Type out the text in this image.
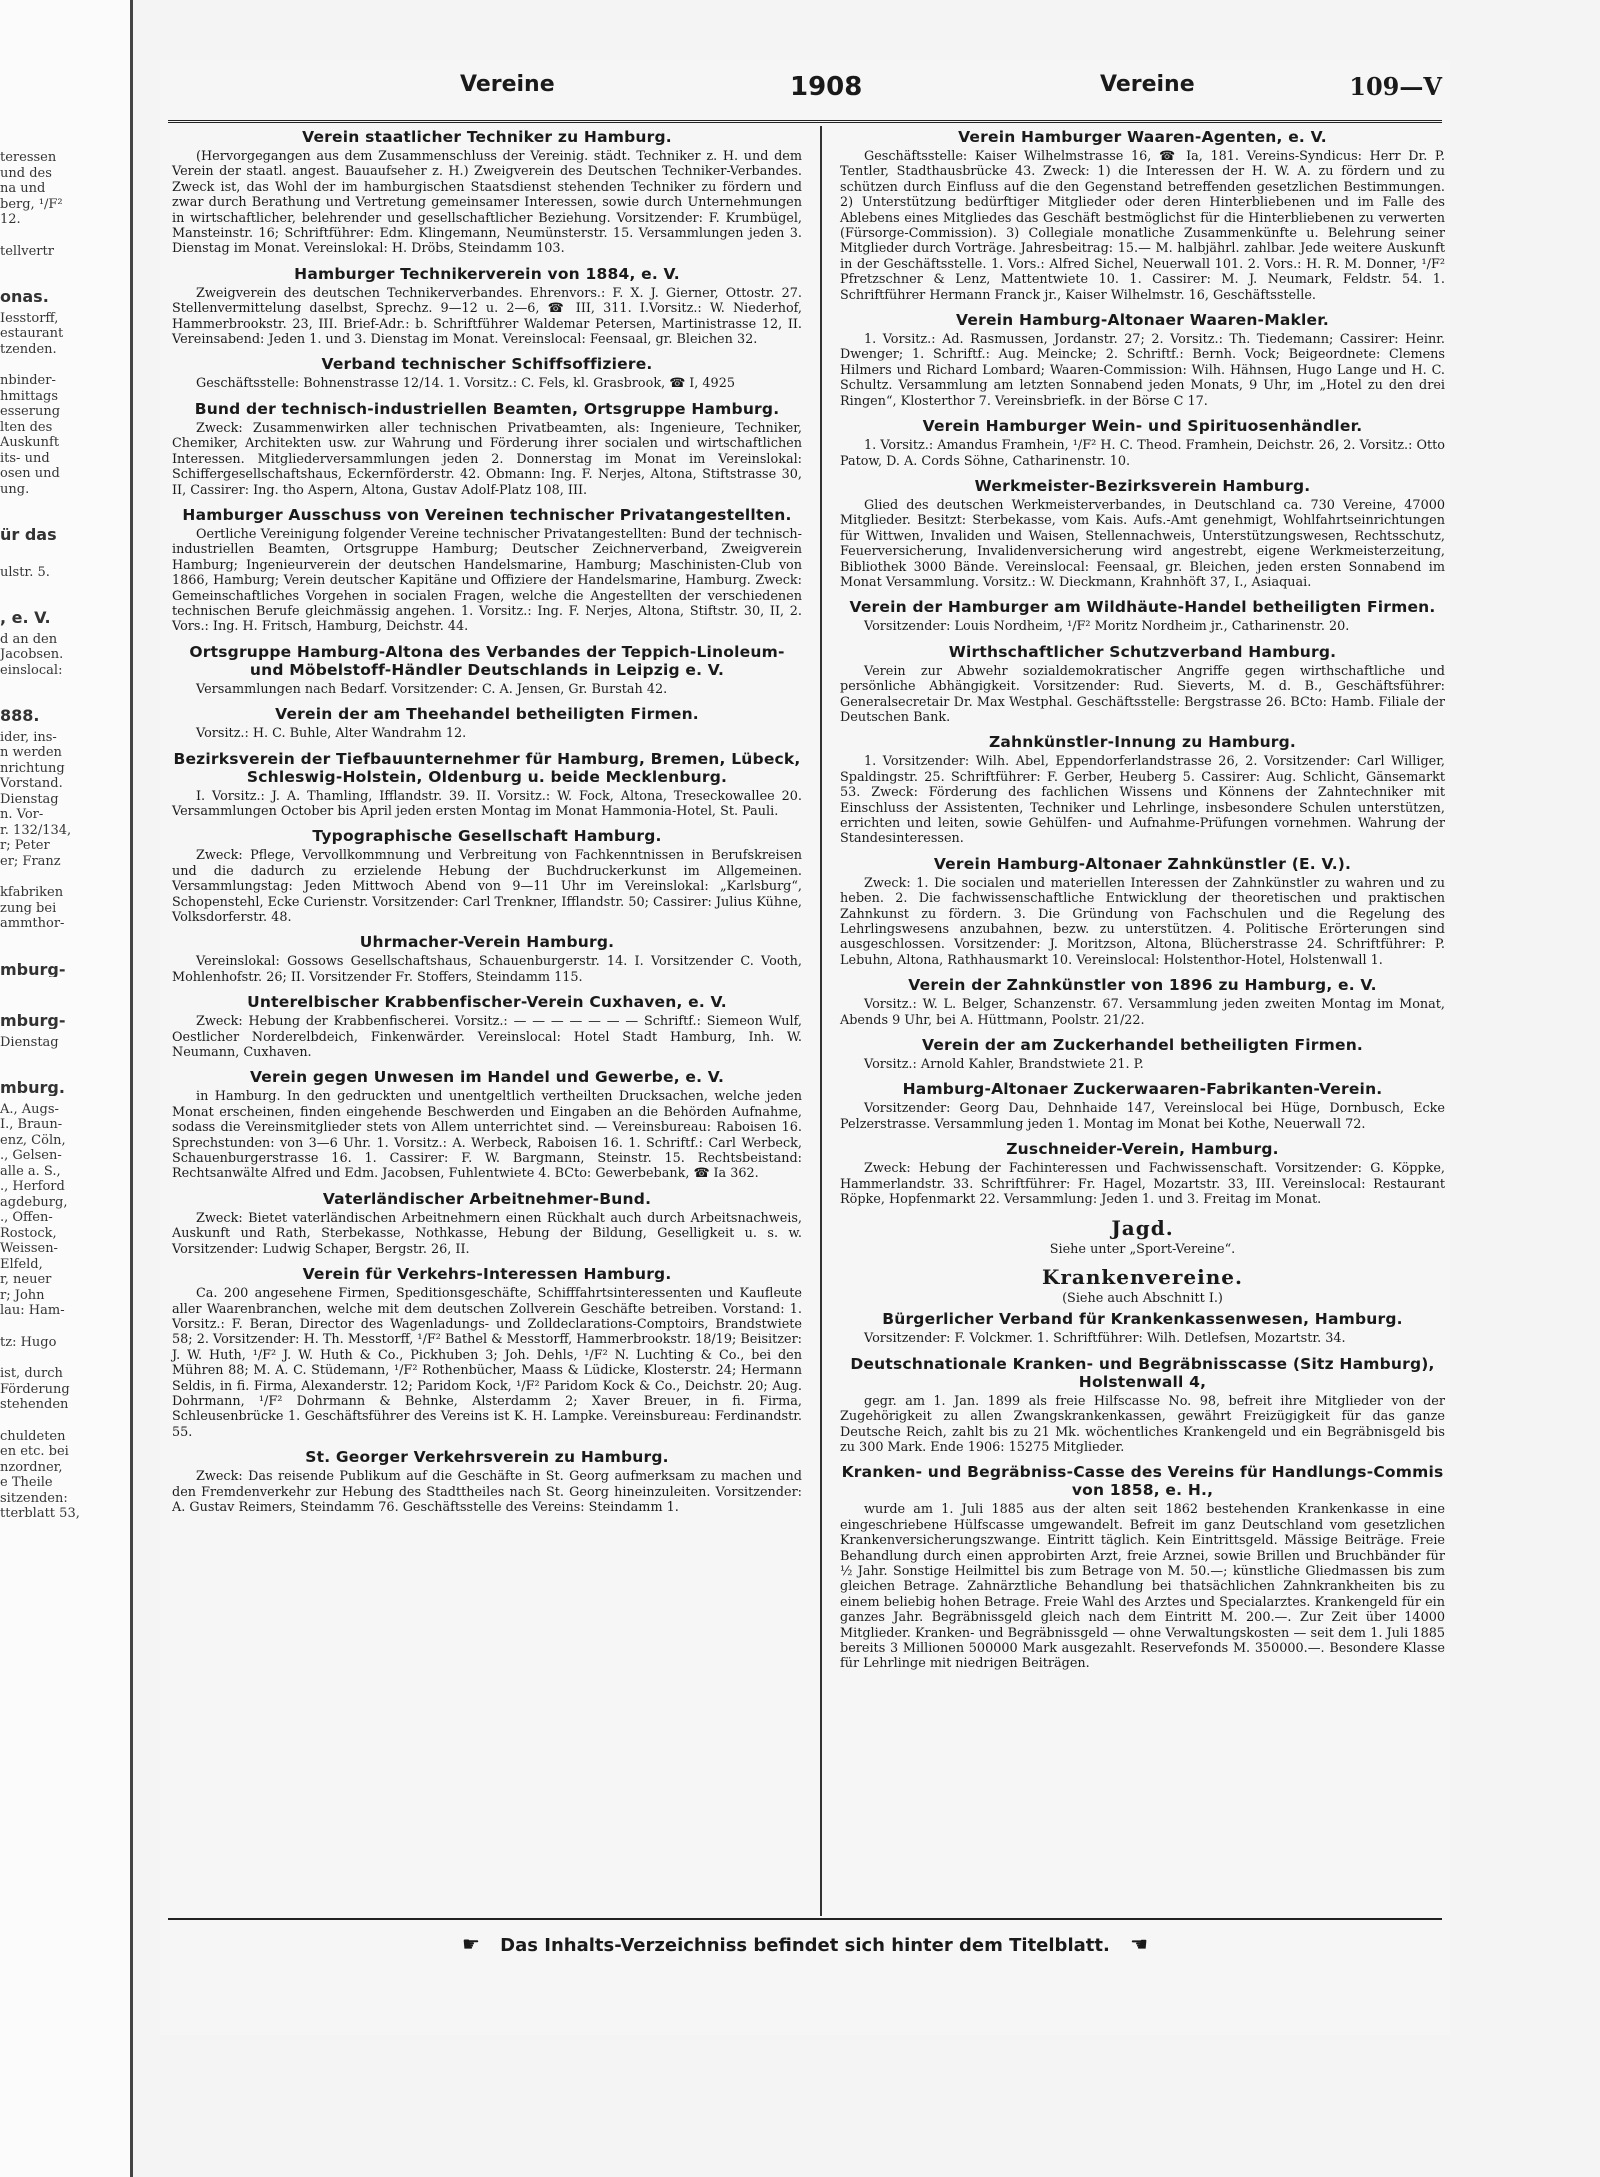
teressen
und des
na und
berg, ¹/F²
12.
tellvertr
onas.
Iesstorff,
estaurant
tzenden.
nbinder-
hmittags
esserung
lten des
Auskunft
its- und
osen und
ung.
ür das
ulstr. 5.
, e. V.
d an den
Jacobsen.
einslocal:
888.
ider, ins-
n werden
nrichtung
Vorstand.
Dienstag
n. Vor-
r. 132/134,
r; Peter
er; Franz
kfabriken
zung bei
ammthor-
mburg-
mburg-
Dienstag
mburg.
A., Augs-
I., Braun-
enz, Cöln,
., Gelsen-
alle a. S.,
., Herford
agdeburg,
., Offen-
Rostock,
Weissen-
Elfeld,
r, neuer
r; John
lau: Ham-
tz: Hugo
ist, durch
Förderung
stehenden
chuldeten
en etc. bei
nzordner,
e Theile
sitzenden:
tterblatt 53,
Vereine	1908	Vereine	109—V
Verein staatlicher Techniker zu Hamburg.

(Hervorgegangen aus dem Zusammenschluss der Vereinig. städt. Techniker z. H. und dem Verein der staatl. angest. Bauaufseher z. H.) Zweigverein des Deutschen Techniker-Verbandes. Zweck ist, das Wohl der im hamburgischen Staatsdienst stehenden Techniker zu fördern und zwar durch Berathung und Vertretung gemeinsamer Interessen, sowie durch Unternehmungen in wirtschaftlicher, belehrender und gesellschaftlicher Beziehung. Vorsitzender: F. Krumbügel, Mansteinstr. 16; Schriftführer: Edm. Klingemann, Neumünsterstr. 15. Versammlungen jeden 3. Dienstag im Monat. Vereinslokal: H. Dröbs, Steindamm 103.

Hamburger Technikerverein von 1884, e. V.

Zweigverein des deutschen Technikerverbandes. Ehrenvors.: F. X. J. Gierner, Ottostr. 27. Stellenvermittelung daselbst, Sprechz. 9—12 u. 2—6, ☎ III, 311. I.Vorsitz.: W. Niederhof, Hammerbrookstr. 23, III. Brief-Adr.: b. Schriftführer Waldemar Petersen, Martinistrasse 12, II. Vereinsabend: Jeden 1. und 3. Dienstag im Monat. Vereinslocal: Feensaal, gr. Bleichen 32.

Verband technischer Schiffsoffiziere.

Geschäftsstelle: Bohnenstrasse 12/14. 1. Vorsitz.: C. Fels, kl. Grasbrook, ☎ I, 4925

Bund der technisch-industriellen Beamten, Ortsgruppe Hamburg.

Zweck: Zusammenwirken aller technischen Privatbeamten, als: Ingenieure, Techniker, Chemiker, Architekten usw. zur Wahrung und Förderung ihrer socialen und wirtschaftlichen Interessen. Mitgliederversammlungen jeden 2. Donnerstag im Monat im Vereinslokal: Schiffergesellschaftshaus, Eckernförderstr. 42. Obmann: Ing. F. Nerjes, Altona, Stiftstrasse 30, II, Cassirer: Ing. tho Aspern, Altona, Gustav Adolf-Platz 108, III.

Hamburger Ausschuss von Vereinen technischer Privatangestellten.

Oertliche Vereinigung folgender Vereine technischer Privatangestellten: Bund der technisch-industriellen Beamten, Ortsgruppe Hamburg; Deutscher Zeichnerverband, Zweigverein Hamburg; Ingenieurverein der deutschen Handelsmarine, Hamburg; Maschinisten-Club von 1866, Hamburg; Verein deutscher Kapitäne und Offiziere der Handelsmarine, Hamburg. Zweck: Gemeinschaftliches Vorgehen in socialen Fragen, welche die Angestellten der verschiedenen technischen Berufe gleichmässig angehen. 1. Vorsitz.: Ing. F. Nerjes, Altona, Stiftstr. 30, II, 2. Vors.: Ing. H. Fritsch, Hamburg, Deichstr. 44.

Ortsgruppe Hamburg-Altona des Verbandes der Teppich-Linoleum- und Möbelstoff-Händler Deutschlands in Leipzig e. V.

Versammlungen nach Bedarf. Vorsitzender: C. A. Jensen, Gr. Burstah 42.

Verein der am Theehandel betheiligten Firmen.

Vorsitz.: H. C. Buhle, Alter Wandrahm 12.

Bezirksverein der Tiefbauunternehmer für Hamburg, Bremen, Lübeck, Schleswig-Holstein, Oldenburg u. beide Mecklenburg.

I. Vorsitz.: J. A. Thamling, Ifflandstr. 39. II. Vorsitz.: W. Fock, Altona, Treseckowallee 20. Versammlungen October bis April jeden ersten Montag im Monat Hammonia-Hotel, St. Pauli.

Typographische Gesellschaft Hamburg.

Zweck: Pflege, Vervollkommnung und Verbreitung von Fachkenntnissen in Berufskreisen und die dadurch zu erzielende Hebung der Buchdruckerkunst im Allgemeinen. Versammlungstag: Jeden Mittwoch Abend von 9—11 Uhr im Vereinslokal: „Karlsburg“, Schopenstehl, Ecke Curienstr. Vorsitzender: Carl Trenkner, Ifflandstr. 50; Cassirer: Julius Kühne, Volksdorferstr. 48.

Uhrmacher-Verein Hamburg.

Vereinslokal: Gossows Gesellschaftshaus, Schauenburgerstr. 14. I. Vorsitzender C. Vooth, Mohlenhofstr. 26; II. Vorsitzender Fr. Stoffers, Steindamm 115.

Unterelbischer Krabbenfischer-Verein Cuxhaven, e. V.

Zweck: Hebung der Krabbenfischerei. Vorsitz.: — — — — — — — Schriftf.: Siemeon Wulf, Oestlicher Norderelbdeich, Finkenwärder. Vereinslocal: Hotel Stadt Hamburg, Inh. W. Neumann, Cuxhaven.

Verein gegen Unwesen im Handel und Gewerbe, e. V.

in Hamburg. In den gedruckten und unentgeltlich vertheilten Drucksachen, welche jeden Monat erscheinen, finden eingehende Beschwerden und Eingaben an die Behörden Aufnahme, sodass die Vereinsmitglieder stets von Allem unterrichtet sind. — Vereinsbureau: Raboisen 16. Sprechstunden: von 3—6 Uhr. 1. Vorsitz.: A. Werbeck, Raboisen 16. 1. Schriftf.: Carl Werbeck, Schauenburgerstrasse 16. 1. Cassirer: F. W. Bargmann, Steinstr. 15. Rechtsbeistand: Rechtsanwälte Alfred und Edm. Jacobsen, Fuhlentwiete 4. BCto: Gewerbebank, ☎ Ia 362.

Vaterländischer Arbeitnehmer-Bund.

Zweck: Bietet vaterländischen Arbeitnehmern einen Rückhalt auch durch Arbeitsnachweis, Auskunft und Rath, Sterbekasse, Nothkasse, Hebung der Bildung, Geselligkeit u. s. w. Vorsitzender: Ludwig Schaper, Bergstr. 26, II.

Verein für Verkehrs-Interessen Hamburg.

Ca. 200 angesehene Firmen, Speditionsgeschäfte, Schifffahrtsinteressenten und Kaufleute aller Waarenbranchen, welche mit dem deutschen Zollverein Geschäfte betreiben. Vorstand: 1. Vorsitz.: F. Beran, Director des Wagenladungs- und Zolldeclarations-Comptoirs, Brandstwiete 58; 2. Vorsitzender: H. Th. Messtorff, ¹/F² Bathel & Messtorff, Hammerbrookstr. 18/19; Beisitzer: J. W. Huth, ¹/F² J. W. Huth & Co., Pickhuben 3; Joh. Dehls, ¹/F² N. Luchting & Co., bei den Mühren 88; M. A. C. Stüdemann, ¹/F² Rothenbücher, Maass & Lüdicke, Klosterstr. 24; Hermann Seldis, in fi. Firma, Alexanderstr. 12; Paridom Kock, ¹/F² Paridom Kock & Co., Deichstr. 20; Aug. Dohrmann, ¹/F² Dohrmann & Behnke, Alsterdamm 2; Xaver Breuer, in fi. Firma, Schleusenbrücke 1. Geschäftsführer des Vereins ist K. H. Lampke. Vereinsbureau: Ferdinandstr. 55.

St. Georger Verkehrsverein zu Hamburg.

Zweck: Das reisende Publikum auf die Geschäfte in St. Georg aufmerksam zu machen und den Fremdenverkehr zur Hebung des Stadttheiles nach St. Georg hineinzuleiten. Vorsitzender: A. Gustav Reimers, Steindamm 76. Geschäftsstelle des Vereins: Steindamm 1.

Verein Hamburger Waaren-Agenten, e. V.

Geschäftsstelle: Kaiser Wilhelmstrasse 16, ☎ Ia, 181. Vereins-Syndicus: Herr Dr. P. Tentler, Stadthausbrücke 43. Zweck: 1) die Interessen der H. W. A. zu fördern und zu schützen durch Einfluss auf die den Gegenstand betreffenden gesetzlichen Bestimmungen. 2) Unterstützung bedürftiger Mitglieder oder deren Hinterbliebenen und im Falle des Ablebens eines Mitgliedes das Geschäft bestmöglichst für die Hinterbliebenen zu verwerten (Fürsorge-Commission). 3) Collegiale monatliche Zusammenkünfte u. Belehrung seiner Mitglieder durch Vorträge. Jahresbeitrag: 15.— M. halbjährl. zahlbar. Jede weitere Auskunft in der Geschäftsstelle. 1. Vors.: Alfred Sichel, Neuerwall 101. 2. Vors.: H. R. M. Donner, ¹/F² Pfretzschner & Lenz, Mattentwiete 10. 1. Cassirer: M. J. Neumark, Feldstr. 54. 1. Schriftführer Hermann Franck jr., Kaiser Wilhelmstr. 16, Geschäftsstelle.

Verein Hamburg-Altonaer Waaren-Makler.

1. Vorsitz.: Ad. Rasmussen, Jordanstr. 27; 2. Vorsitz.: Th. Tiedemann; Cassirer: Heinr. Dwenger; 1. Schriftf.: Aug. Meincke; 2. Schriftf.: Bernh. Vock; Beigeordnete: Clemens Hilmers und Richard Lombard; Waaren-Commission: Wilh. Hähnsen, Hugo Lange und H. C. Schultz. Versammlung am letzten Sonnabend jeden Monats, 9 Uhr, im „Hotel zu den drei Ringen“, Klosterthor 7. Vereinsbriefk. in der Börse C 17.

Verein Hamburger Wein- und Spirituosenhändler.

1. Vorsitz.: Amandus Framhein, ¹/F² H. C. Theod. Framhein, Deichstr. 26, 2. Vorsitz.: Otto Patow, D. A. Cords Söhne, Catharinenstr. 10.

Werkmeister-Bezirksverein Hamburg.

Glied des deutschen Werkmeisterverbandes, in Deutschland ca. 730 Vereine, 47000 Mitglieder. Besitzt: Sterbekasse, vom Kais. Aufs.-Amt genehmigt, Wohlfahrtseinrichtungen für Wittwen, Invaliden und Waisen, Stellennachweis, Unterstützungswesen, Rechtsschutz, Feuerversicherung, Invalidenversicherung wird angestrebt, eigene Werkmeisterzeitung, Bibliothek 3000 Bände. Vereinslocal: Feensaal, gr. Bleichen, jeden ersten Sonnabend im Monat Versammlung. Vorsitz.: W. Dieckmann, Krahnhöft 37, I., Asiaquai.

Verein der Hamburger am Wildhäute-Handel betheiligten Firmen.

Vorsitzender: Louis Nordheim, ¹/F² Moritz Nordheim jr., Catharinenstr. 20.

Wirthschaftlicher Schutzverband Hamburg.

Verein zur Abwehr sozialdemokratischer Angriffe gegen wirthschaftliche und persönliche Abhängigkeit. Vorsitzender: Rud. Sieverts, M. d. B., Geschäftsführer: Generalsecretair Dr. Max Westphal. Geschäftsstelle: Bergstrasse 26. BCto: Hamb. Filiale der Deutschen Bank.

Zahnkünstler-Innung zu Hamburg.

1. Vorsitzender: Wilh. Abel, Eppendorferlandstrasse 26, 2. Vorsitzender: Carl Williger, Spaldingstr. 25. Schriftführer: F. Gerber, Heuberg 5. Cassirer: Aug. Schlicht, Gänsemarkt 53. Zweck: Förderung des fachlichen Wissens und Könnens der Zahntechniker mit Einschluss der Assistenten, Techniker und Lehrlinge, insbesondere Schulen unterstützen, errichten und leiten, sowie Gehülfen- und Aufnahme-Prüfungen vornehmen. Wahrung der Standesinteressen.

Verein Hamburg-Altonaer Zahnkünstler (E. V.).

Zweck: 1. Die socialen und materiellen Interessen der Zahnkünstler zu wahren und zu heben. 2. Die fachwissenschaftliche Entwicklung der theoretischen und praktischen Zahnkunst zu fördern. 3. Die Gründung von Fachschulen und die Regelung des Lehrlingswesens anzubahnen, bezw. zu unterstützen. 4. Politische Erörterungen sind ausgeschlossen. Vorsitzender: J. Moritzson, Altona, Blücherstrasse 24. Schriftführer: P. Lebuhn, Altona, Rathhausmarkt 10. Vereinslocal: Holstenthor-Hotel, Holstenwall 1.

Verein der Zahnkünstler von 1896 zu Hamburg, e. V.

Vorsitz.: W. L. Belger, Schanzenstr. 67. Versammlung jeden zweiten Montag im Monat, Abends 9 Uhr, bei A. Hüttmann, Poolstr. 21/22.

Verein der am Zuckerhandel betheiligten Firmen.

Vorsitz.: Arnold Kahler, Brandstwiete 21. P.

Hamburg-Altonaer Zuckerwaaren-Fabrikanten-Verein.

Vorsitzender: Georg Dau, Dehnhaide 147, Vereinslocal bei Hüge, Dornbusch, Ecke Pelzerstrasse. Versammlung jeden 1. Montag im Monat bei Kothe, Neuerwall 72.

Zuschneider-Verein, Hamburg.

Zweck: Hebung der Fachinteressen und Fachwissenschaft. Vorsitzender: G. Köppke, Hammerlandstr. 33. Schriftführer: Fr. Hagel, Mozartstr. 33, III. Vereinslocal: Restaurant Röpke, Hopfenmarkt 22. Versammlung: Jeden 1. und 3. Freitag im Monat.

Jagd.
Siehe unter „Sport-Vereine“.
Krankenvereine.
(Siehe auch Abschnitt I.)
Bürgerlicher Verband für Krankenkassenwesen, Hamburg.

Vorsitzender: F. Volckmer. 1. Schriftführer: Wilh. Detlefsen, Mozartstr. 34.

Deutschnationale Kranken- und Begräbnisscasse (Sitz Hamburg), Holstenwall 4,

gegr. am 1. Jan. 1899 als freie Hilfscasse No. 98, befreit ihre Mitglieder von der Zugehörigkeit zu allen Zwangskrankenkassen, gewährt Freizügigkeit für das ganze Deutsche Reich, zahlt bis zu 21 Mk. wöchentliches Krankengeld und ein Begräbnisgeld bis zu 300 Mark. Ende 1906: 15275 Mitglieder.

Kranken- und Begräbniss-Casse des Vereins für Handlungs-Commis von 1858, e. H.,

wurde am 1. Juli 1885 aus der alten seit 1862 bestehenden Krankenkasse in eine eingeschriebene Hülfscasse umgewandelt. Befreit im ganz Deutschland vom gesetzlichen Krankenversicherungszwange. Eintritt täglich. Kein Eintrittsgeld. Mässige Beiträge. Freie Behandlung durch einen approbirten Arzt, freie Arznei, sowie Brillen und Bruchbänder für ½ Jahr. Sonstige Heilmittel bis zum Betrage von M. 50.—; künstliche Gliedmassen bis zum gleichen Betrage. Zahnärztliche Behandlung bei thatsächlichen Zahnkrankheiten bis zu einem beliebig hohen Betrage. Freie Wahl des Arztes und Specialarztes. Krankengeld für ein ganzes Jahr. Begräbnissgeld gleich nach dem Eintritt M. 200.—. Zur Zeit über 14000 Mitglieder. Kranken- und Begräbnissgeld — ohne Verwaltungskosten — seit dem 1. Juli 1885 bereits 3 Millionen 500000 Mark ausgezahlt. Reservefonds M. 350000.—. Besondere Klasse für Lehrlinge mit niedrigen Beiträgen.

☛ Das Inhalts-Verzeichniss befindet sich hinter dem Titelblatt. ☚
